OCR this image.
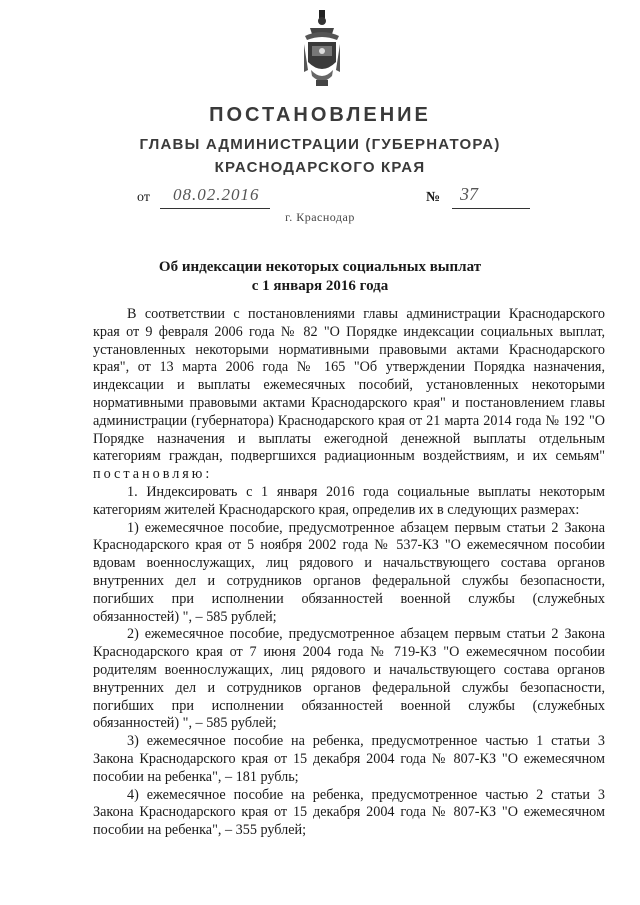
ПОСТАНОВЛЕНИЕ
ГЛАВЫ АДМИНИСТРАЦИИ (ГУБЕРНАТОРА)
КРАСНОДАРСКОГО КРАЯ
от 08.02.2016	№ 37
г. Краснодар
Об индексации некоторых социальных выплат
с 1 января 2016 года

В соответствии с постановлениями главы администрации Краснодарского края от 9 февраля 2006 года № 82 "О Порядке индексации социальных выплат, установленных некоторыми нормативными правовыми актами Краснодарского края", от 13 марта 2006 года № 165 "Об утверждении Порядка назначения, индексации и выплаты ежемесячных пособий, установленных некоторыми нормативными правовыми актами Краснодарского края" и постановлением главы администрации (губернатора) Краснодарского края от 21 марта 2014 года № 192 "О Порядке назначения и выплаты ежегодной денежной выплаты отдельным категориям граждан, подвергшихся радиационным воздействиям, и их семьям" постановляю:

1. Индексировать с 1 января 2016 года социальные выплаты некоторым категориям жителей Краснодарского края, определив их в следующих размерах:

1) ежемесячное пособие, предусмотренное абзацем первым статьи 2 Закона Краснодарского края от 5 ноября 2002 года № 537-КЗ "О ежемесячном пособии вдовам военнослужащих, лиц рядового и начальствующего состава органов внутренних дел и сотрудников органов федеральной службы безопасности, погибших при исполнении обязанностей военной службы (служебных обязанностей) ", – 585 рублей;

2) ежемесячное пособие, предусмотренное абзацем первым статьи 2 Закона Краснодарского края от 7 июня 2004 года № 719-КЗ "О ежемесячном пособии родителям военнослужащих, лиц рядового и начальствующего состава органов внутренних дел и сотрудников органов федеральной службы безопасности, погибших при исполнении обязанностей военной службы (служебных обязанностей) ", – 585 рублей;

3) ежемесячное пособие на ребенка, предусмотренное частью 1 статьи 3 Закона Краснодарского края от 15 декабря 2004 года № 807-КЗ "О ежемесячном пособии на ребенка", – 181 рубль;

4) ежемесячное пособие на ребенка, предусмотренное частью 2 статьи 3 Закона Краснодарского края от 15 декабря 2004 года № 807-КЗ "О ежемесячном пособии на ребенка", – 355 рублей;
